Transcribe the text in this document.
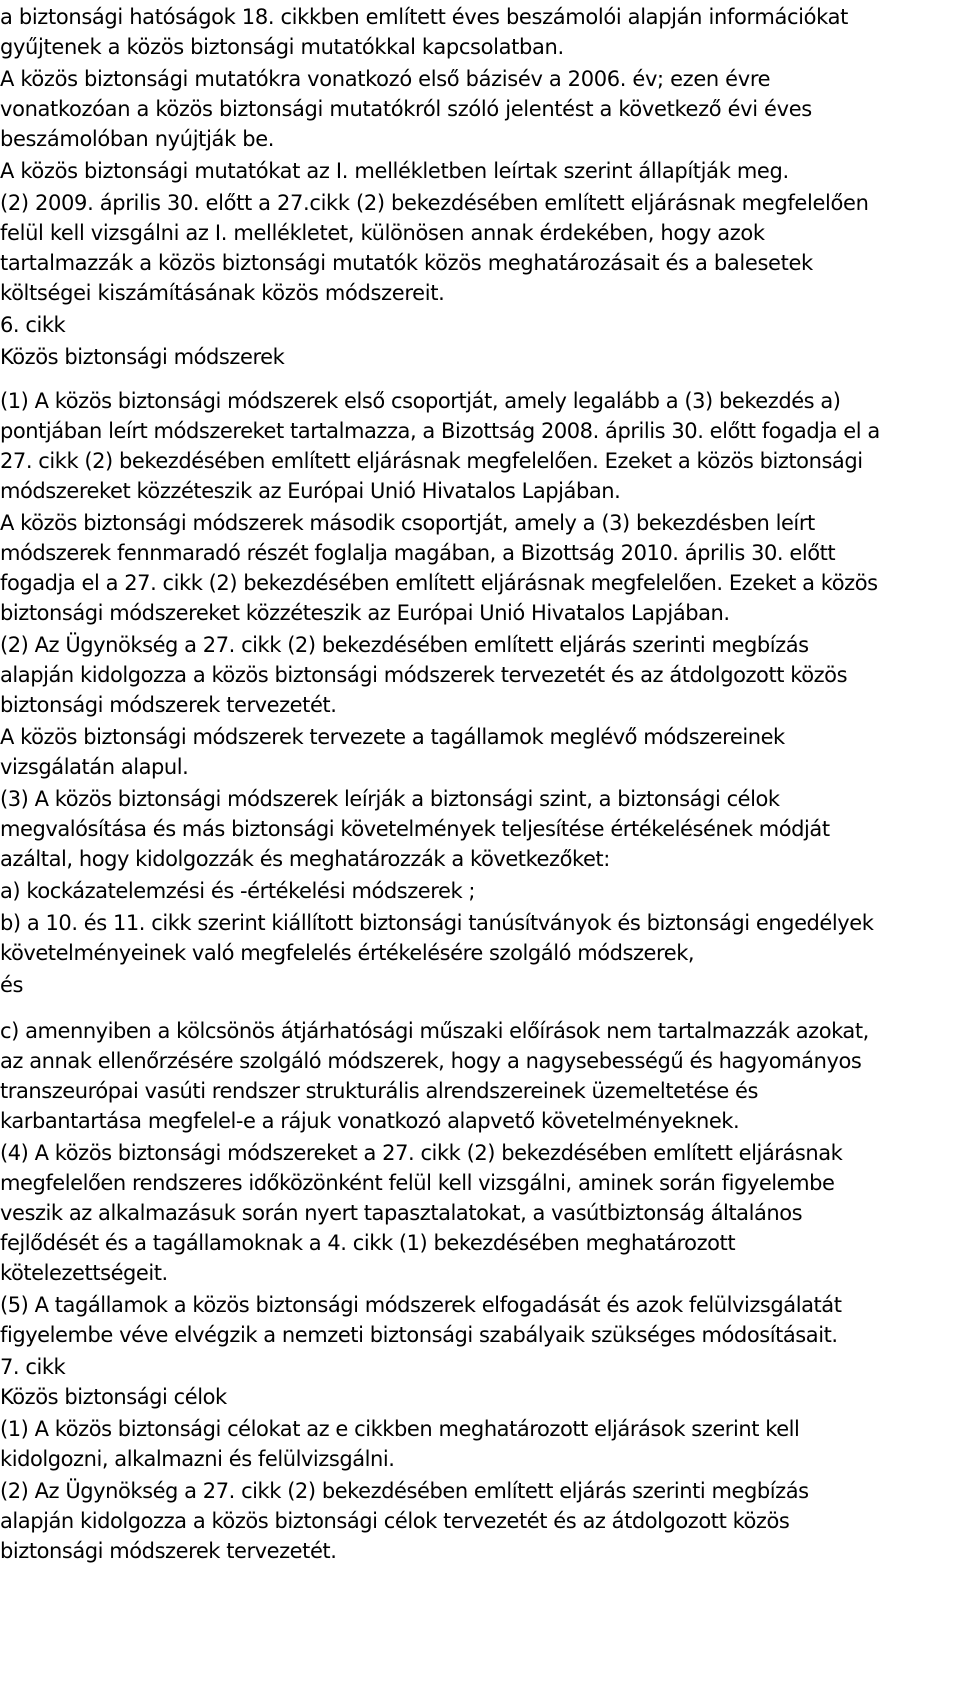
a biztonsági hatóságok 18. cikkben említett éves beszámolói alapján információkat

gyűjtenek a közös biztonsági mutatókkal kapcsolatban.

A közös biztonsági mutatókra vonatkozó első bázisév a 2006. év; ezen évre

vonatkozóan a közös biztonsági mutatókról szóló jelentést a következő évi éves

beszámolóban nyújtják be.

A közös biztonsági mutatókat az I. mellékletben leírtak szerint állapítják meg.

(2) 2009. április 30. előtt a 27.cikk (2) bekezdésében említett eljárásnak megfelelően

felül kell vizsgálni az I. mellékletet, különösen annak érdekében, hogy azok

tartalmazzák a közös biztonsági mutatók közös meghatározásait és a balesetek

költségei kiszámításának közös módszereit.

6. cikk

Közös biztonsági módszerek

(1) A közös biztonsági módszerek első csoportját, amely legalább a (3) bekezdés a)

pontjában leírt módszereket tartalmazza, a Bizottság 2008. április 30. előtt fogadja el a

27. cikk (2) bekezdésében említett eljárásnak megfelelően. Ezeket a közös biztonsági

módszereket közzéteszik az Európai Unió Hivatalos Lapjában.

A közös biztonsági módszerek második csoportját, amely a (3) bekezdésben leírt

módszerek fennmaradó részét foglalja magában, a Bizottság 2010. április 30. előtt

fogadja el a 27. cikk (2) bekezdésében említett eljárásnak megfelelően. Ezeket a közös

biztonsági módszereket közzéteszik az Európai Unió Hivatalos Lapjában.

(2) Az Ügynökség a 27. cikk (2) bekezdésében említett eljárás szerinti megbízás

alapján kidolgozza a közös biztonsági módszerek tervezetét és az átdolgozott közös

biztonsági módszerek tervezetét.

A közös biztonsági módszerek tervezete a tagállamok meglévő módszereinek

vizsgálatán alapul.

(3) A közös biztonsági módszerek leírják a biztonsági szint, a biztonsági célok

megvalósítása és más biztonsági követelmények teljesítése értékelésének módját

azáltal, hogy kidolgozzák és meghatározzák a következőket:

a) kockázatelemzési és -értékelési módszerek ;

b) a 10. és 11. cikk szerint kiállított biztonsági tanúsítványok és biztonsági engedélyek

követelményeinek való megfelelés értékelésére szolgáló módszerek,

és

c) amennyiben a kölcsönös átjárhatósági műszaki előírások nem tartalmazzák azokat,

az annak ellenőrzésére szolgáló módszerek, hogy a nagysebességű és hagyományos

transzeurópai vasúti rendszer strukturális alrendszereinek üzemeltetése és

karbantartása megfelel-e a rájuk vonatkozó alapvető követelményeknek.

(4) A közös biztonsági módszereket a 27. cikk (2) bekezdésében említett eljárásnak

megfelelően rendszeres időközönként felül kell vizsgálni, aminek során figyelembe

veszik az alkalmazásuk során nyert tapasztalatokat, a vasútbiztonság általános

fejlődését és a tagállamoknak a 4. cikk (1) bekezdésében meghatározott

kötelezettségeit.

(5) A tagállamok a közös biztonsági módszerek elfogadását és azok felülvizsgálatát

figyelembe véve elvégzik a nemzeti biztonsági szabályaik szükséges módosításait.

7. cikk

Közös biztonsági célok

(1) A közös biztonsági célokat az e cikkben meghatározott eljárások szerint kell

kidolgozni, alkalmazni és felülvizsgálni.

(2) Az Ügynökség a 27. cikk (2) bekezdésében említett eljárás szerinti megbízás

alapján kidolgozza a közös biztonsági célok tervezetét és az átdolgozott közös

biztonsági módszerek tervezetét.
